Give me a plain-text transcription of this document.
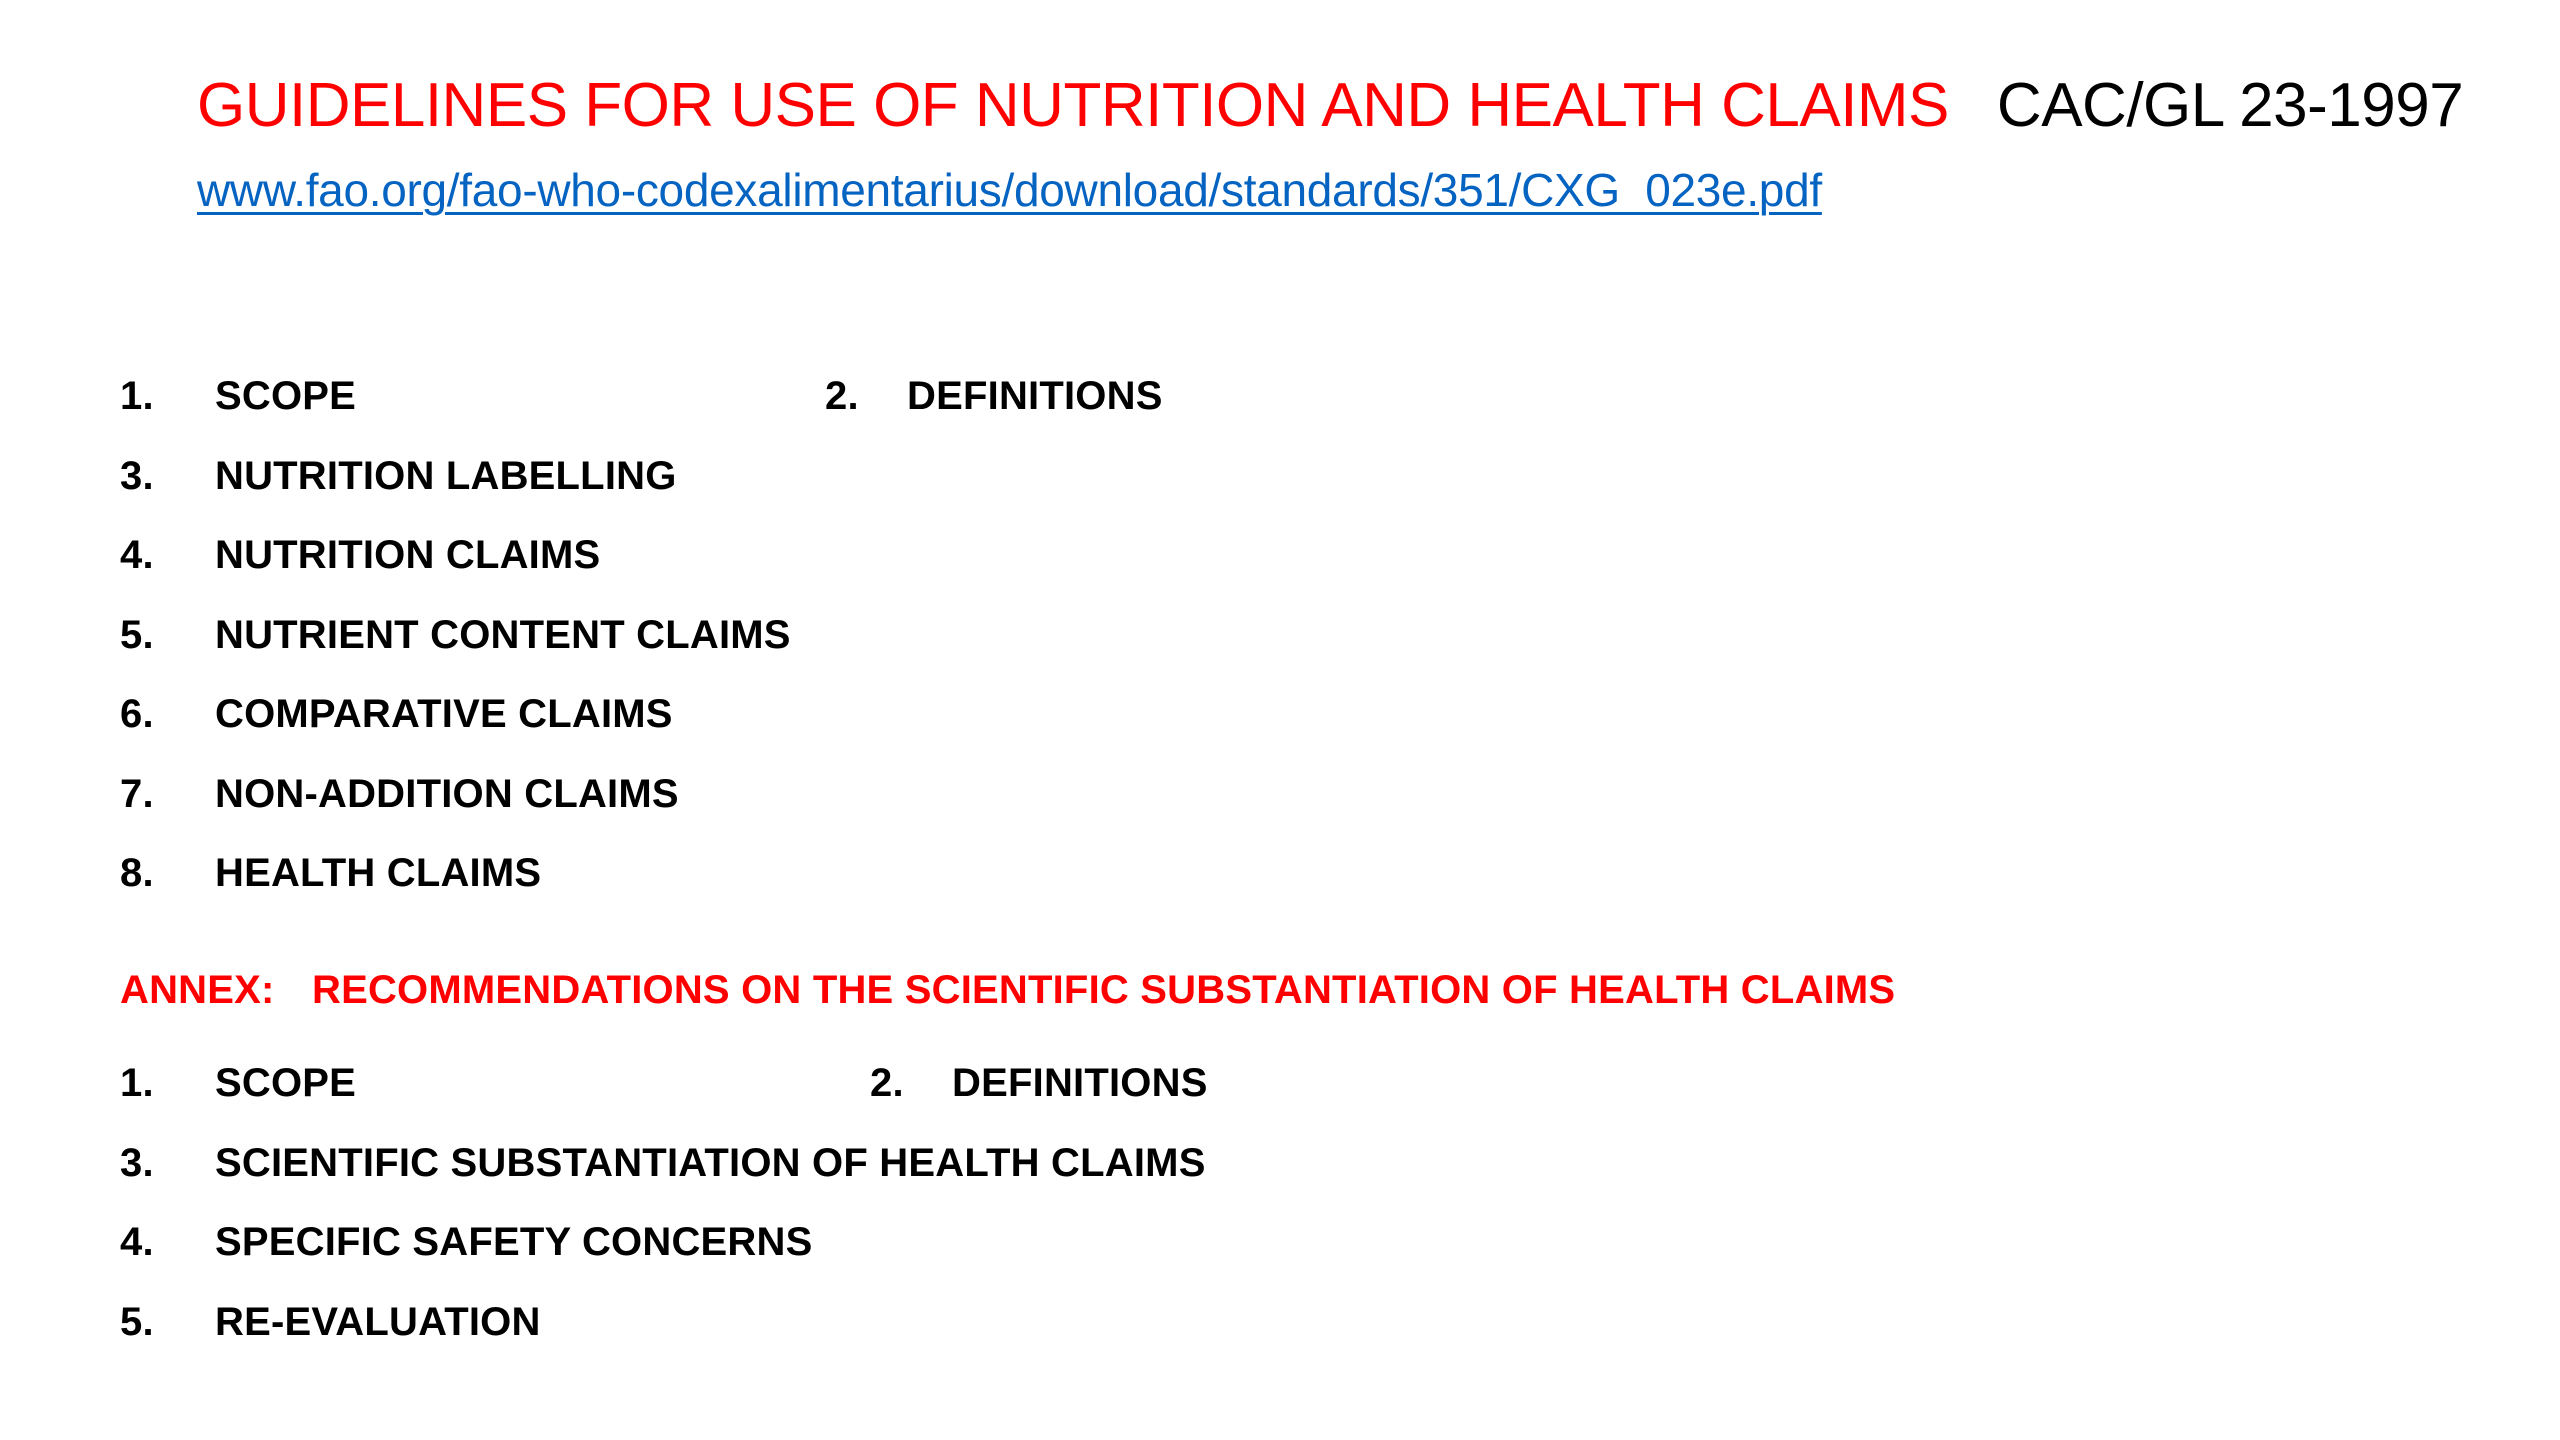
GUIDELINES FOR USE OF NUTRITION AND HEALTH CLAIMS CAC/GL 23-1997
www.fao.org/fao-who-codexalimentarius/download/standards/351/CXG_023e.pdf
1.	SCOPE	2.	DEFINITIONS
3.	NUTRITION LABELLING
4.	NUTRITION CLAIMS
5.	NUTRIENT CONTENT CLAIMS
6.	COMPARATIVE CLAIMS
7.	NON-ADDITION CLAIMS
8.	HEALTH CLAIMS
ANNEX: RECOMMENDATIONS ON THE SCIENTIFIC SUBSTANTIATION OF HEALTH CLAIMS
1.	SCOPE	2.	DEFINITIONS
3.	SCIENTIFIC SUBSTANTIATION OF HEALTH CLAIMS
4.	SPECIFIC SAFETY CONCERNS
5.	RE-EVALUATION
